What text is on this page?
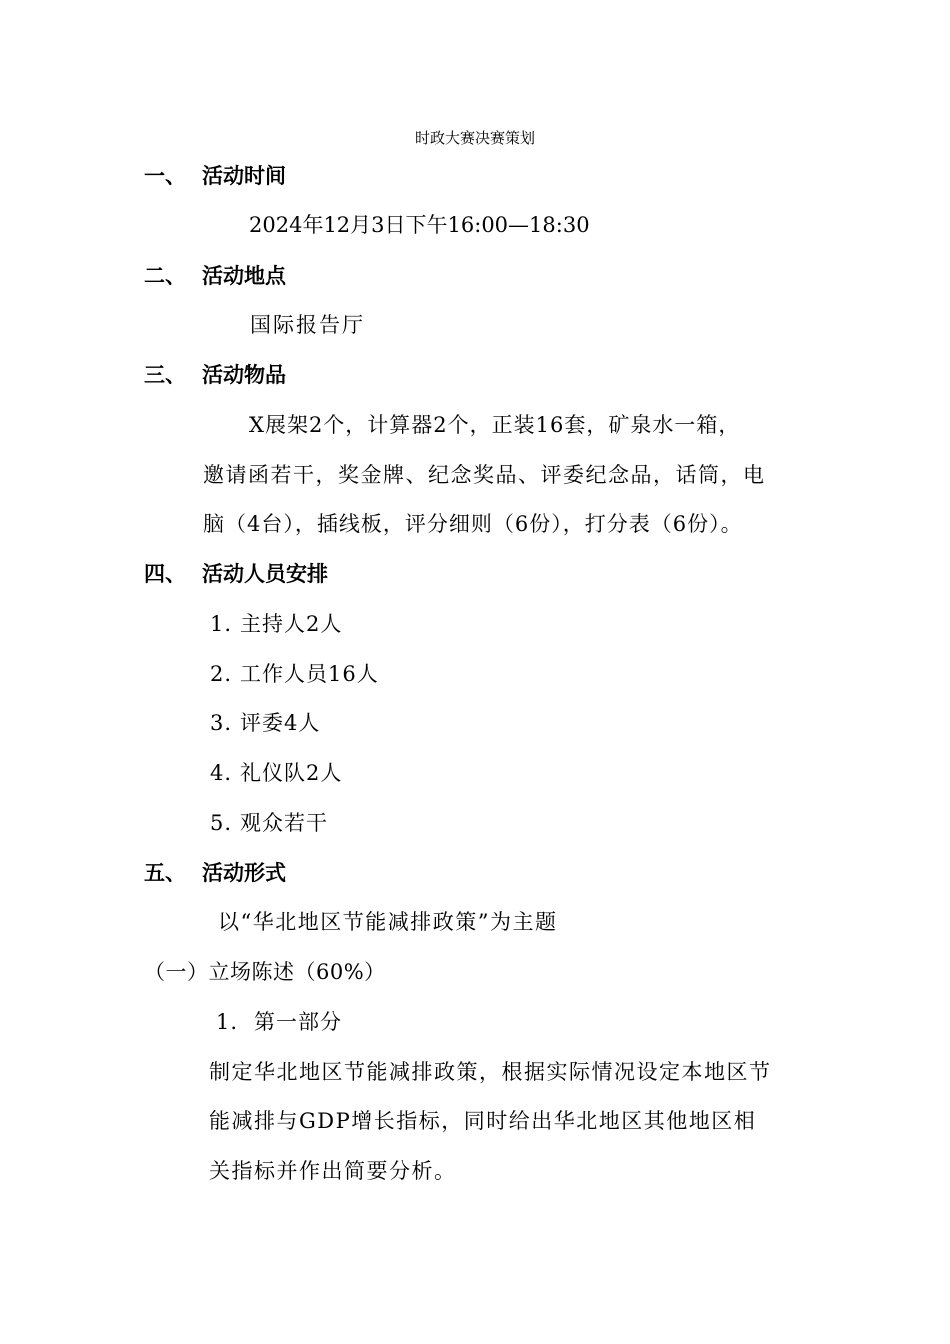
时政大赛决赛策划
一、 活动时间
2024年12月3日下午16:00—18:30
二、 活动地点
国际报告厅
三、 活动物品
X展架2个，计算器2个，正装16套，矿泉水一箱，
邀请函若干，奖金牌、纪念奖品、评委纪念品，话筒，电
脑（4台），插线板，评分细则（6份），打分表（6份）。
四、 活动人员安排
1. 主持人2人
2. 工作人员16人
3. 评委4人
4. 礼仪队2人
5. 观众若干
五、 活动形式
以“华北地区节能减排政策”为主题
（一）立场陈述（60%）
1. 第一部分
制定华北地区节能减排政策，根据实际情况设定本地区节
能减排与GDP增长指标，同时给出华北地区其他地区相
关指标并作出简要分析。
